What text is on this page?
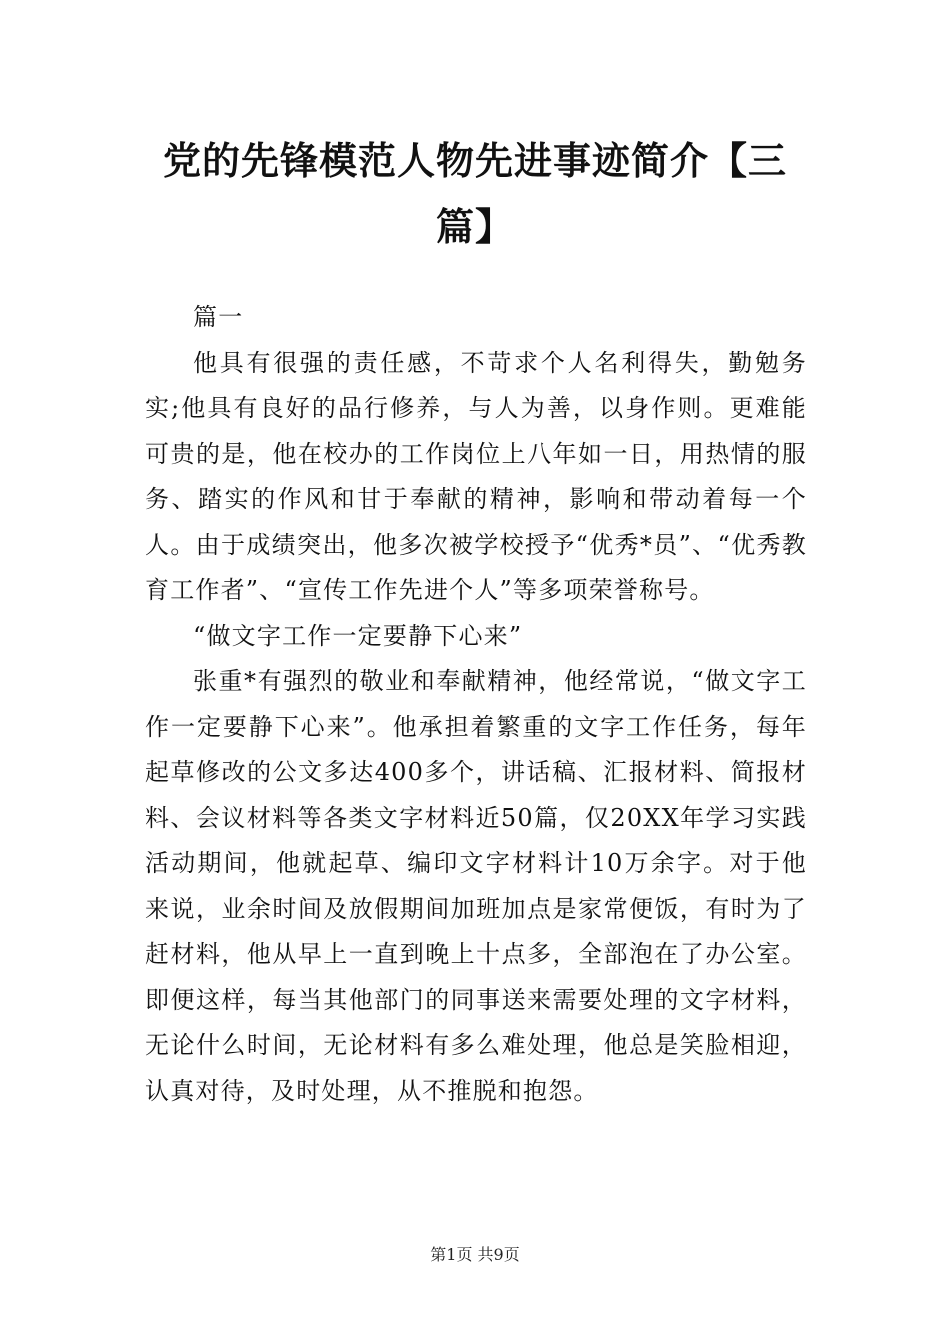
党的先锋模范人物先进事迹简介【三篇】

篇一

他具有很强的责任感，不苛求个人名利得失，勤勉务实;他具有良好的品行修养，与人为善，以身作则。更难能可贵的是，他在校办的工作岗位上八年如一日，用热情的服务、踏实的作风和甘于奉献的精神，影响和带动着每一个人。由于成绩突出，他多次被学校授予“优秀*员”、“优秀教育工作者”、“宣传工作先进个人”等多项荣誉称号。

“做文字工作一定要静下心来”

张重*有强烈的敬业和奉献精神，他经常说，“做文字工作一定要静下心来”。他承担着繁重的文字工作任务，每年起草修改的公文多达400多个，讲话稿、汇报材料、简报材料、会议材料等各类文字材料近50篇，仅20XX年学习实践活动期间，他就起草、编印文字材料计10万余字。对于他来说，业余时间及放假期间加班加点是家常便饭，有时为了赶材料，他从早上一直到晚上十点多，全部泡在了办公室。即便这样，每当其他部门的同事送来需要处理的文字材料，无论什么时间，无论材料有多么难处理，他总是笑脸相迎，认真对待，及时处理，从不推脱和抱怨。

第1页 共9页
